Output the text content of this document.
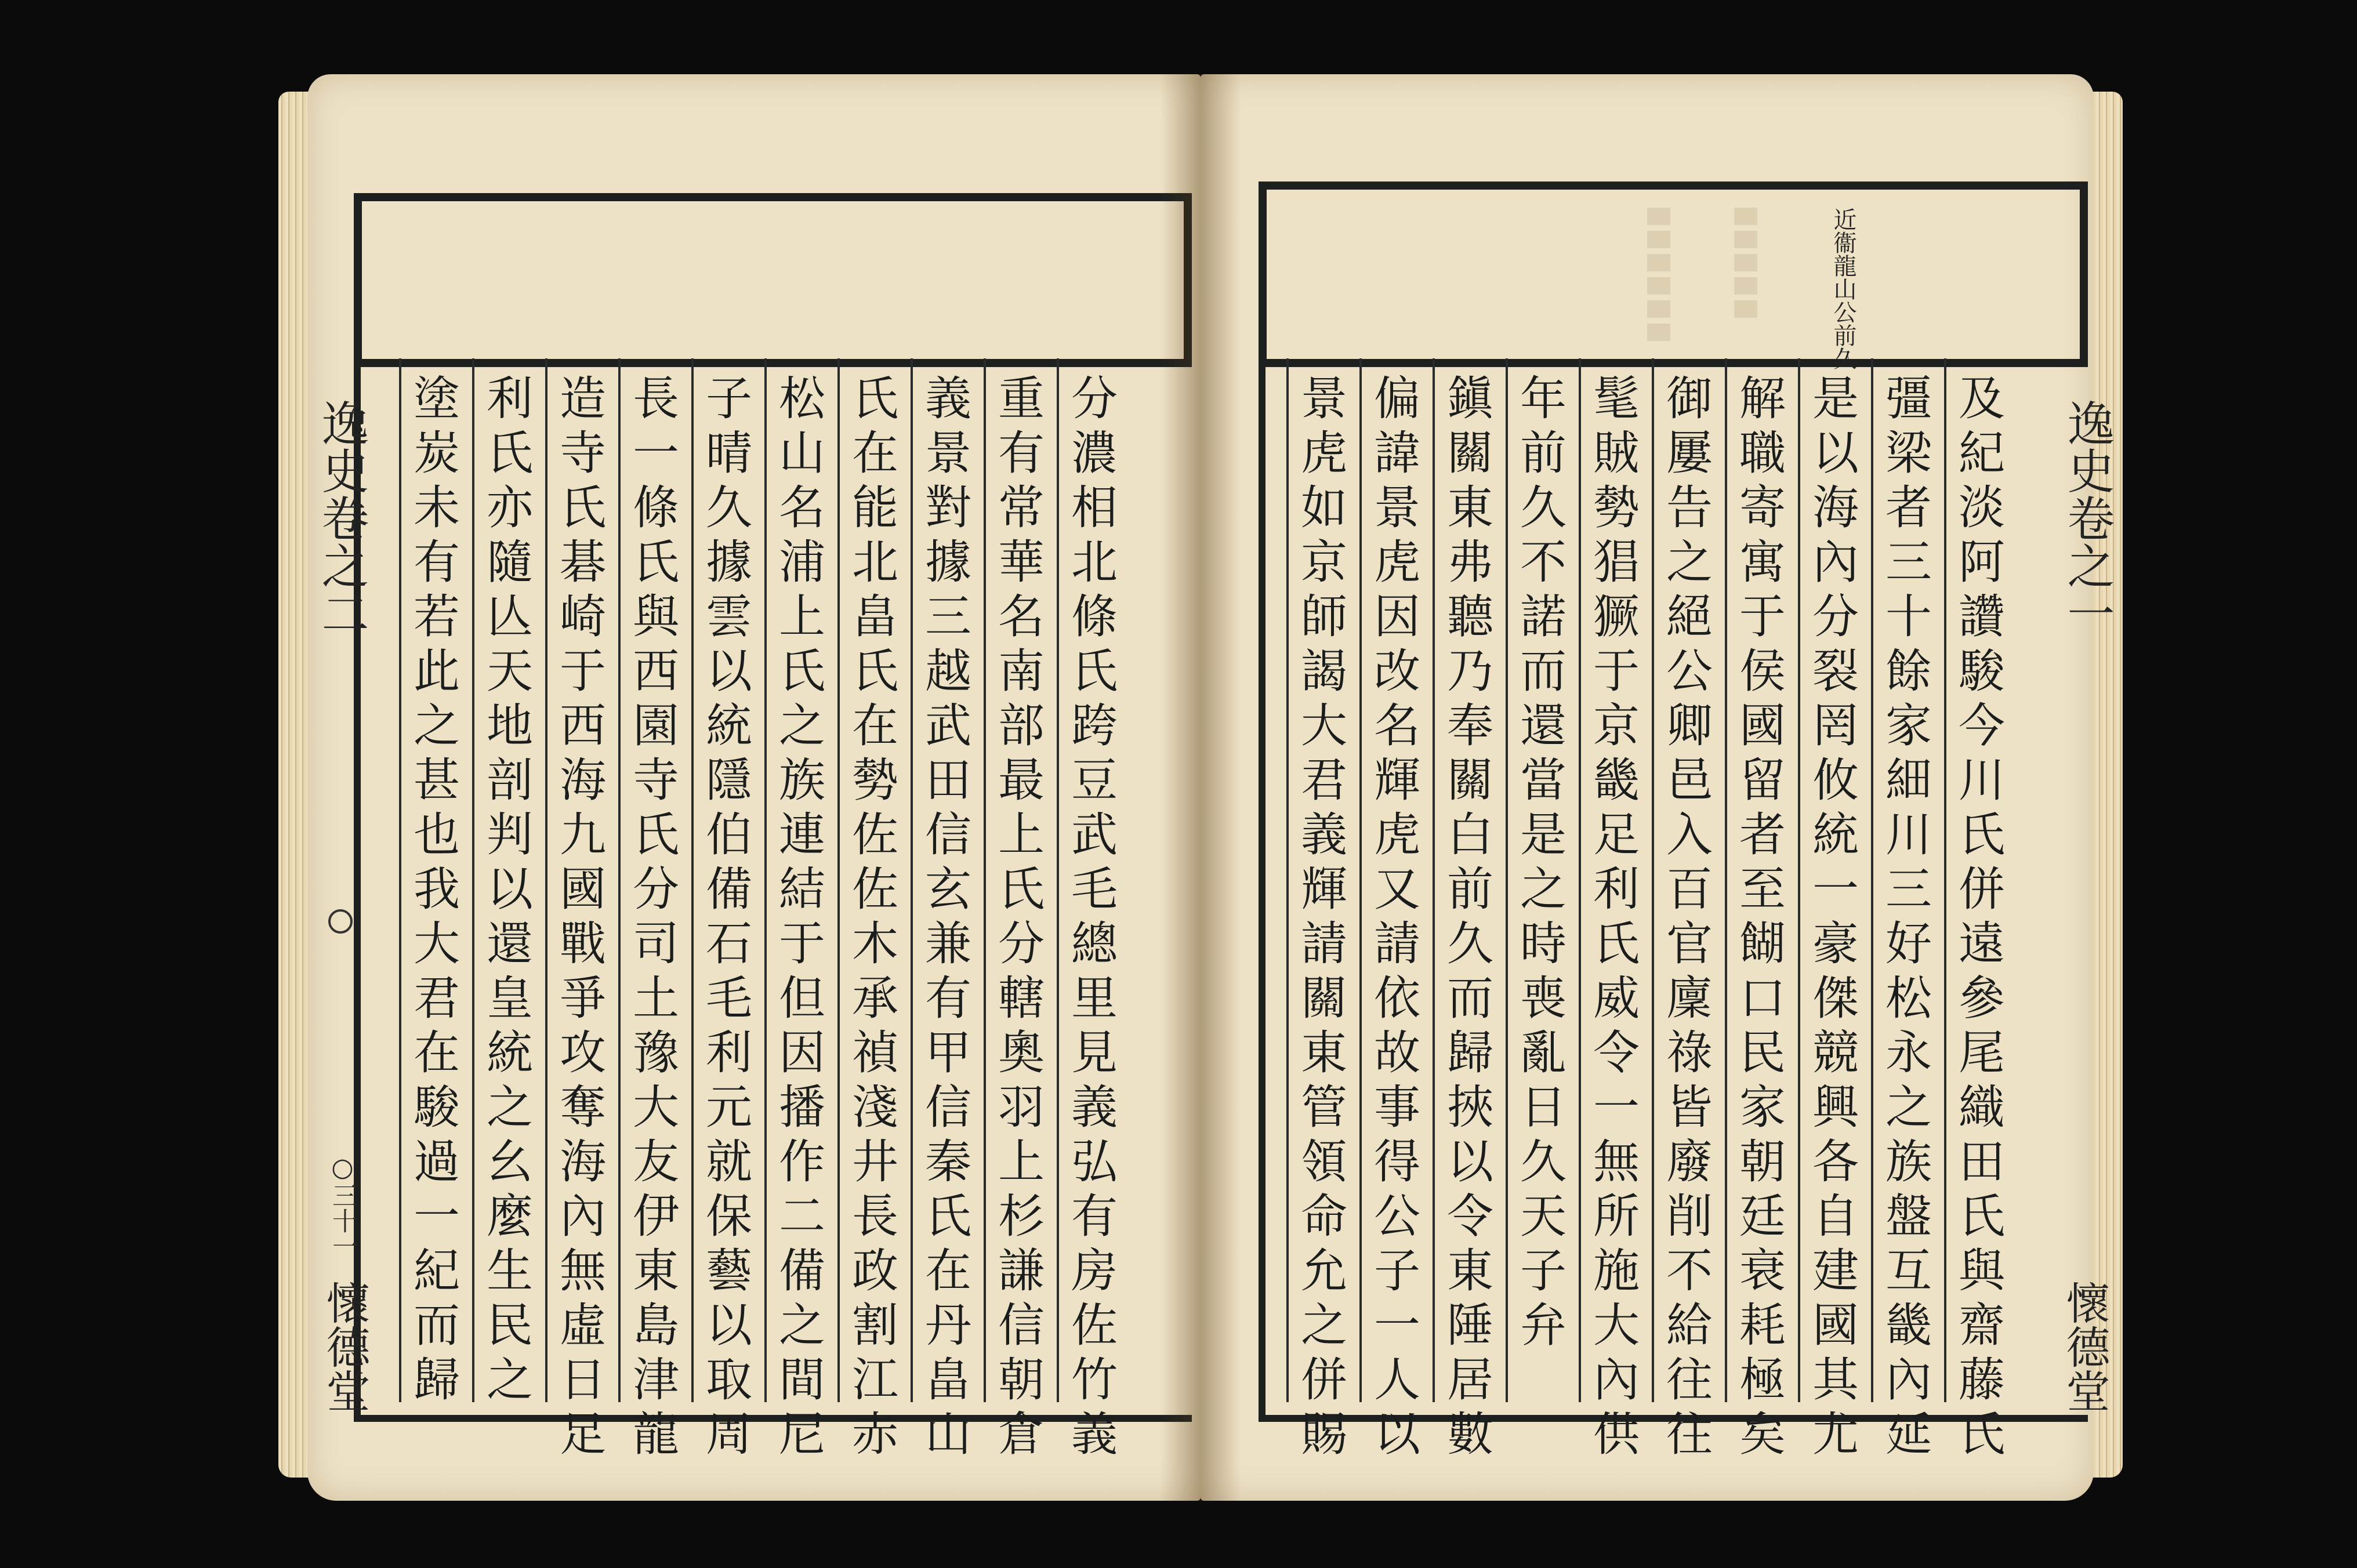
逸史卷之二
○三十一
懷德堂
塗
炭
未
有
若
此
之
甚
也
我
大
君
在
駿
過
一
紀
而
歸
利
氏
亦
隨
亾
天
地
剖
判
以
還
皇
統
之
幺
麼
生
民
之
造
寺
氏
碁
崎
于
西
海
九
國
戰
爭
攻
奪
海
內
無
虛
日
足
長
一
條
氏
與
西
園
寺
氏
分
司
土
豫
大
友
伊
東
島
津
龍
子
晴
久
據
雲
以
統
隱
伯
備
石
毛
利
元
就
保
藝
以
取
周
松
山
名
浦
上
氏
之
族
連
結
于
但
因
播
作
二
備
之
間
尼
氏
在
能
北
畠
氏
在
勢
佐
佐
木
承
禎
淺
井
長
政
割
江
赤
義
景
對
據
三
越
武
田
信
玄
兼
有
甲
信
秦
氏
在
丹
畠
山
重
有
常
華
名
南
部
最
上
氏
分
轄
奧
羽
上
杉
謙
信
朝
倉
分
濃
相
北
條
氏
跨
豆
武
毛
總
里
見
義
弘
有
房
佐
竹
義
近衞龍山公前久
逸史卷之一
懷德堂
景
虎
如
京
師
謁
大
君
義
輝
請
關
東
管
領
命
允
之
併
賜
偏
諱
景
虎
因
改
名
輝
虎
又
請
依
故
事
得
公
子
一
人
以
鎭
關
東
弗
聽
乃
奉
關
白
前
久
而
歸
挾
以
令
東
陲
居
數
年
前
久
不
諾
而
還
當
是
之
時
喪
亂
日
久
天
子
弁
髦
賊
勢
猖
獗
于
京
畿
足
利
氏
威
令
一
無
所
施
大
內
供
御
屢
告
之
絕
公
卿
邑
入
百
官
廩
祿
皆
廢
削
不
給
往
往
解
職
寄
寓
于
侯
國
留
者
至
餬
口
民
家
朝
廷
衰
耗
極
矣
是
以
海
內
分
裂
罔
攸
統
一
豪
傑
競
興
各
自
建
國
其
尤
彊
梁
者
三
十
餘
家
細
川
三
好
松
永
之
族
盤
互
畿
內
延
及
紀
淡
阿
讚
駿
今
川
氏
併
遠
參
尾
織
田
氏
與
齋
藤
氏
